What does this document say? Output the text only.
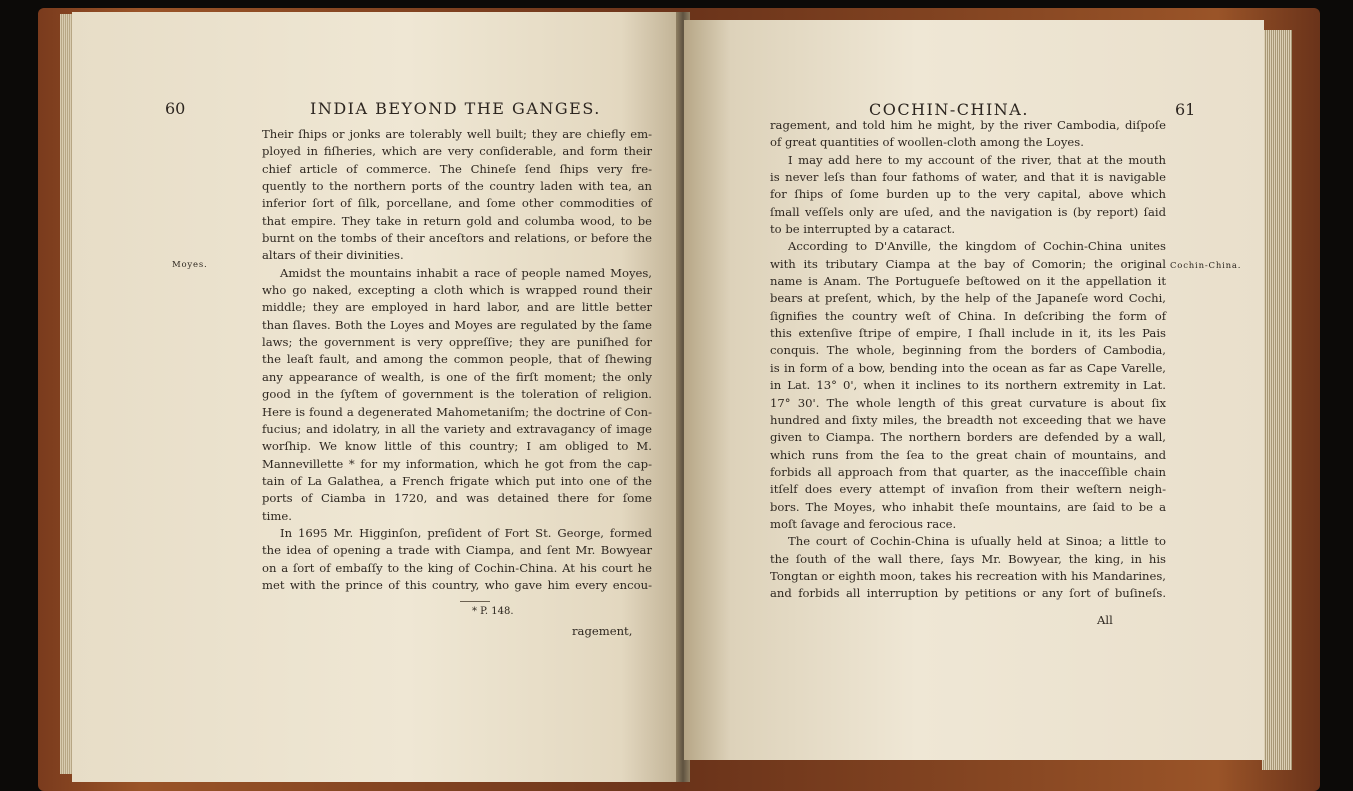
60	INDIA BEYOND THE GANGES.
Moyes.
Their ſhips or jonks are tolerably well built; they are chiefly em-
ployed in fiſheries, which are very conſiderable, and form their
chief article of commerce. The Chineſe ſend ſhips very fre-
quently to the northern ports of the country laden with tea, an
inferior ſort of ſilk, porcellane, and ſome other commodities of
that empire. They take in return gold and columba wood, to be
burnt on the tombs of their anceſtors and relations, or before the
altars of their divinities.
Amidst the mountains inhabit a race of people named Moyes,
who go naked, excepting a cloth which is wrapped round their
middle; they are employed in hard labor, and are little better
than ſlaves. Both the Loyes and Moyes are regulated by the ſame
laws; the government is very oppreſſive; they are puniſhed for
the leaſt fault, and among the common people, that of ſhewing
any appearance of wealth, is one of the firſt moment; the only
good in the ſyſtem of government is the toleration of religion.
Here is found a degenerated Mahometaniſm; the doctrine of Con-
fucius; and idolatry, in all the variety and extravagancy of image
worſhip. We know little of this country; I am obliged to M.
Mannevillette * for my information, which he got from the cap-
tain of La Galathea, a French frigate which put into one of the
ports of Ciamba in 1720, and was detained there for ſome
time.
In 1695 Mr. Higginſon, preſident of Fort St. George, formed
the idea of opening a trade with Ciampa, and ſent Mr. Bowyear
on a ſort of embaſſy to the king of Cochin-China. At his court he
met with the prince of this country, who gave him every encou-
* P. 148.
ragement,
COCHIN-CHINA.	61
Cochin-China.
ragement, and told him he might, by the river Cambodia, diſpoſe
of great quantities of woollen-cloth among the Loyes.
I may add here to my account of the river, that at the mouth
is never leſs than four fathoms of water, and that it is navigable
for ſhips of ſome burden up to the very capital, above which
ſmall veſſels only are uſed, and the navigation is (by report) ſaid
to be interrupted by a cataract.
According to D'Anville, the kingdom of Cochin-China unites
with its tributary Ciampa at the bay of Comorin; the original
name is Anam. The Portugueſe beſtowed on it the appellation it
bears at preſent, which, by the help of the Japaneſe word Cochi,
ſignifies the country weſt of China. In deſcribing the form of
this extenſive ſtripe of empire, I ſhall include in it, its les Pais
conquis. The whole, beginning from the borders of Cambodia,
is in form of a bow, bending into the ocean as far as Cape Varelle,
in Lat. 13° 0', when it inclines to its northern extremity in Lat.
17° 30'. The whole length of this great curvature is about ſix
hundred and ſixty miles, the breadth not exceeding that we have
given to Ciampa. The northern borders are defended by a wall,
which runs from the ſea to the great chain of mountains, and
forbids all approach from that quarter, as the inacceſſible chain
itſelf does every attempt of invaſion from their weſtern neigh-
bors. The Moyes, who inhabit theſe mountains, are ſaid to be a
moſt ſavage and ferocious race.
The court of Cochin-China is uſually held at Sinoa; a little to
the ſouth of the wall there, ſays Mr. Bowyear, the king, in his
Tongtan or eighth moon, takes his recreation with his Mandarines,
and forbids all interruption by petitions or any ſort of buſineſs.
All
